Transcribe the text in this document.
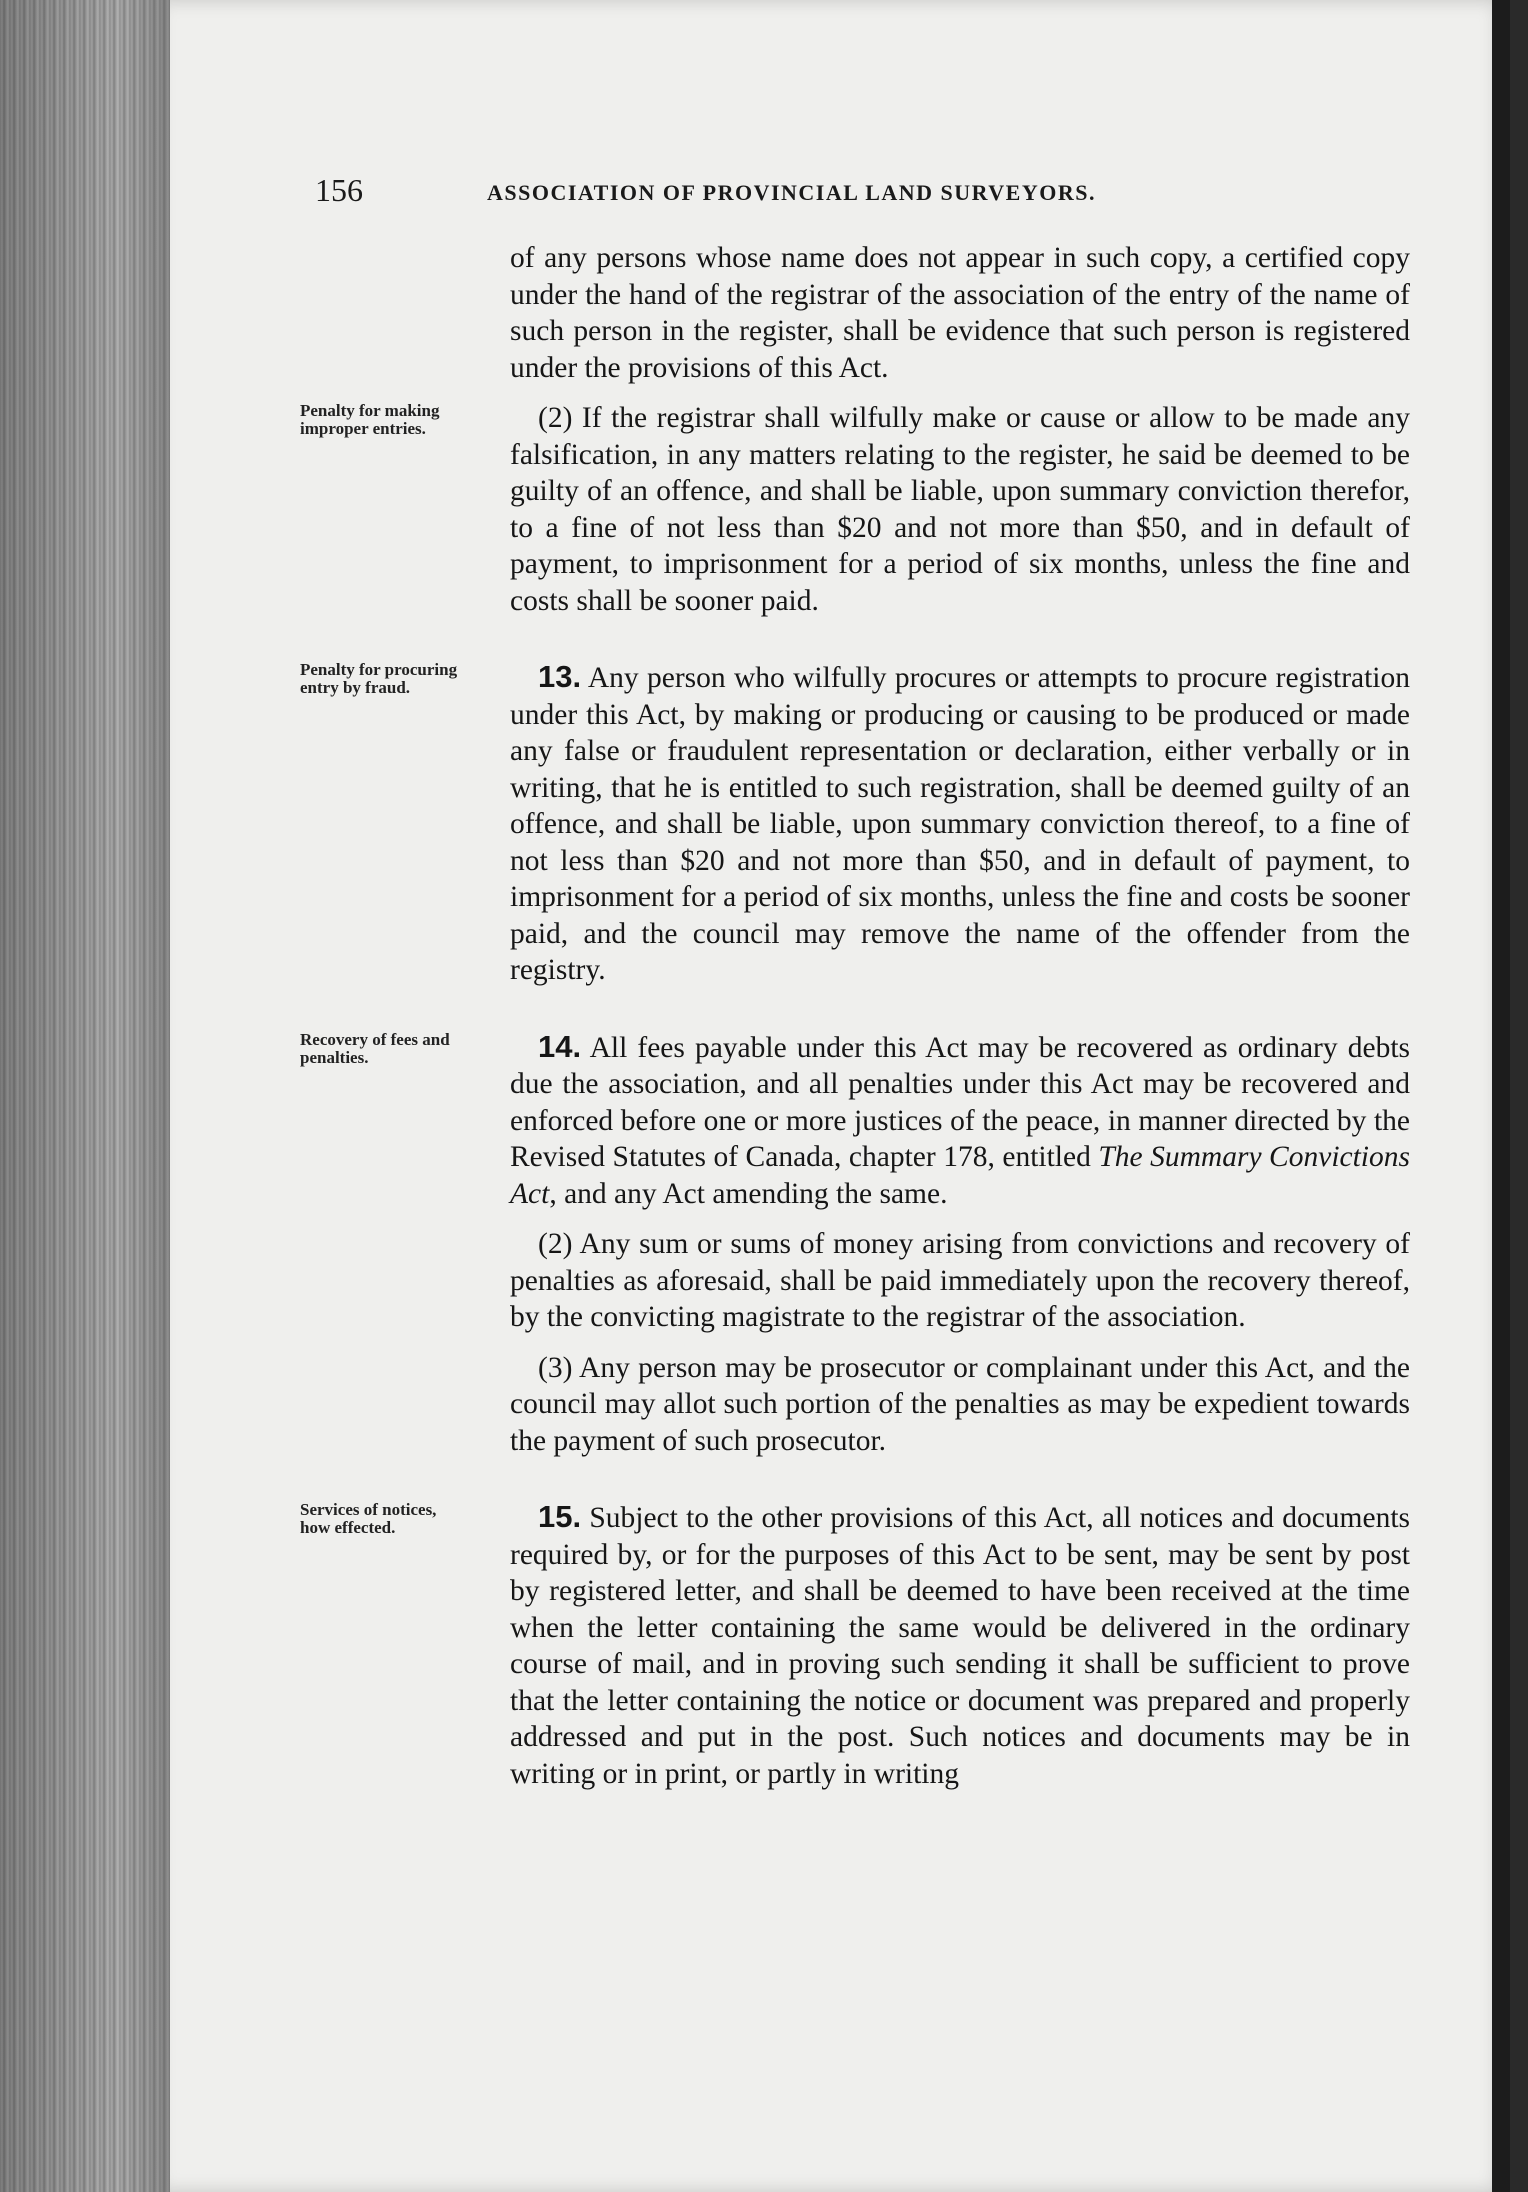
156	ASSOCIATION OF PROVINCIAL LAND SURVEYORS.

of any persons whose name does not appear in such copy, a certified copy under the hand of the registrar of the association of the entry of the name of such person in the register, shall be evidence that such person is registered under the provisions of this Act.

Penalty for making improper entries.	(2) If the registrar shall wilfully make or cause or allow to be made any falsification, in any matters relating to the register, he said be deemed to be guilty of an offence, and shall be liable, upon summary conviction therefor, to a fine of not less than $20 and not more than $50, and in default of payment, to imprisonment for a period of six months, unless the fine and costs shall be sooner paid.

Penalty for procuring entry by fraud.	13. Any person who wilfully procures or attempts to procure registration under this Act, by making or producing or causing to be produced or made any false or fraudulent representation or declaration, either verbally or in writing, that he is entitled to such registration, shall be deemed guilty of an offence, and shall be liable, upon summary conviction thereof, to a fine of not less than $20 and not more than $50, and in default of payment, to imprisonment for a period of six months, unless the fine and costs be sooner paid, and the council may remove the name of the offender from the registry.

Recovery of fees and penalties.	14. All fees payable under this Act may be recovered as ordinary debts due the association, and all penalties under this Act may be recovered and enforced before one or more justices of the peace, in manner directed by the Revised Statutes of Canada, chapter 178, entitled The Summary Convictions Act, and any Act amending the same.

(2) Any sum or sums of money arising from convictions and recovery of penalties as aforesaid, shall be paid immediately upon the recovery thereof, by the convicting magistrate to the registrar of the association.

(3) Any person may be prosecutor or complainant under this Act, and the council may allot such portion of the penalties as may be expedient towards the payment of such prosecutor.

Services of notices, how effected.	15. Subject to the other provisions of this Act, all notices and documents required by, or for the purposes of this Act to be sent, may be sent by post by registered letter, and shall be deemed to have been received at the time when the letter containing the same would be delivered in the ordinary course of mail, and in proving such sending it shall be sufficient to prove that the letter containing the notice or document was prepared and properly addressed and put in the post. Such notices and documents may be in writing or in print, or partly in writing
